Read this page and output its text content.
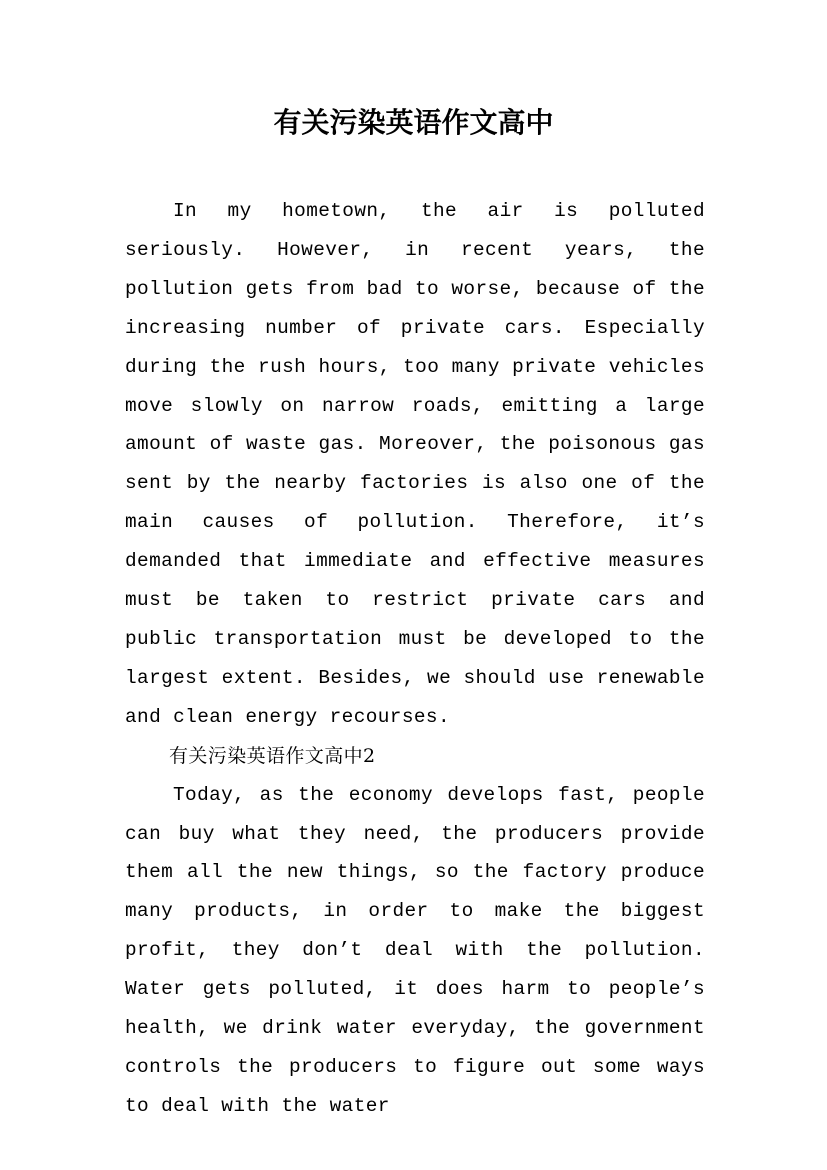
有关污染英语作文高中

In my hometown, the air is polluted seriously. However, in recent years, the pollution gets from bad to worse, because of the increasing number of private cars. Especially during the rush hours, too many private vehicles move slowly on narrow roads, emitting a large amount of waste gas. Moreover, the poisonous gas sent by the nearby factories is also one of the main causes of pollution. Therefore, it’s demanded that immediate and effective measures must be taken to restrict private cars and public transportation must be developed to the largest extent. Besides, we should use renewable and clean energy recourses.

有关污染英语作文高中2

Today, as the economy develops fast, people can buy what they need, the producers provide them all the new things, so the factory produce many products, in order to make the biggest profit, they don’t deal with the pollution. Water gets polluted, it does harm to people’s health, we drink water everyday, the government controls the producers to figure out some ways to deal with the water
